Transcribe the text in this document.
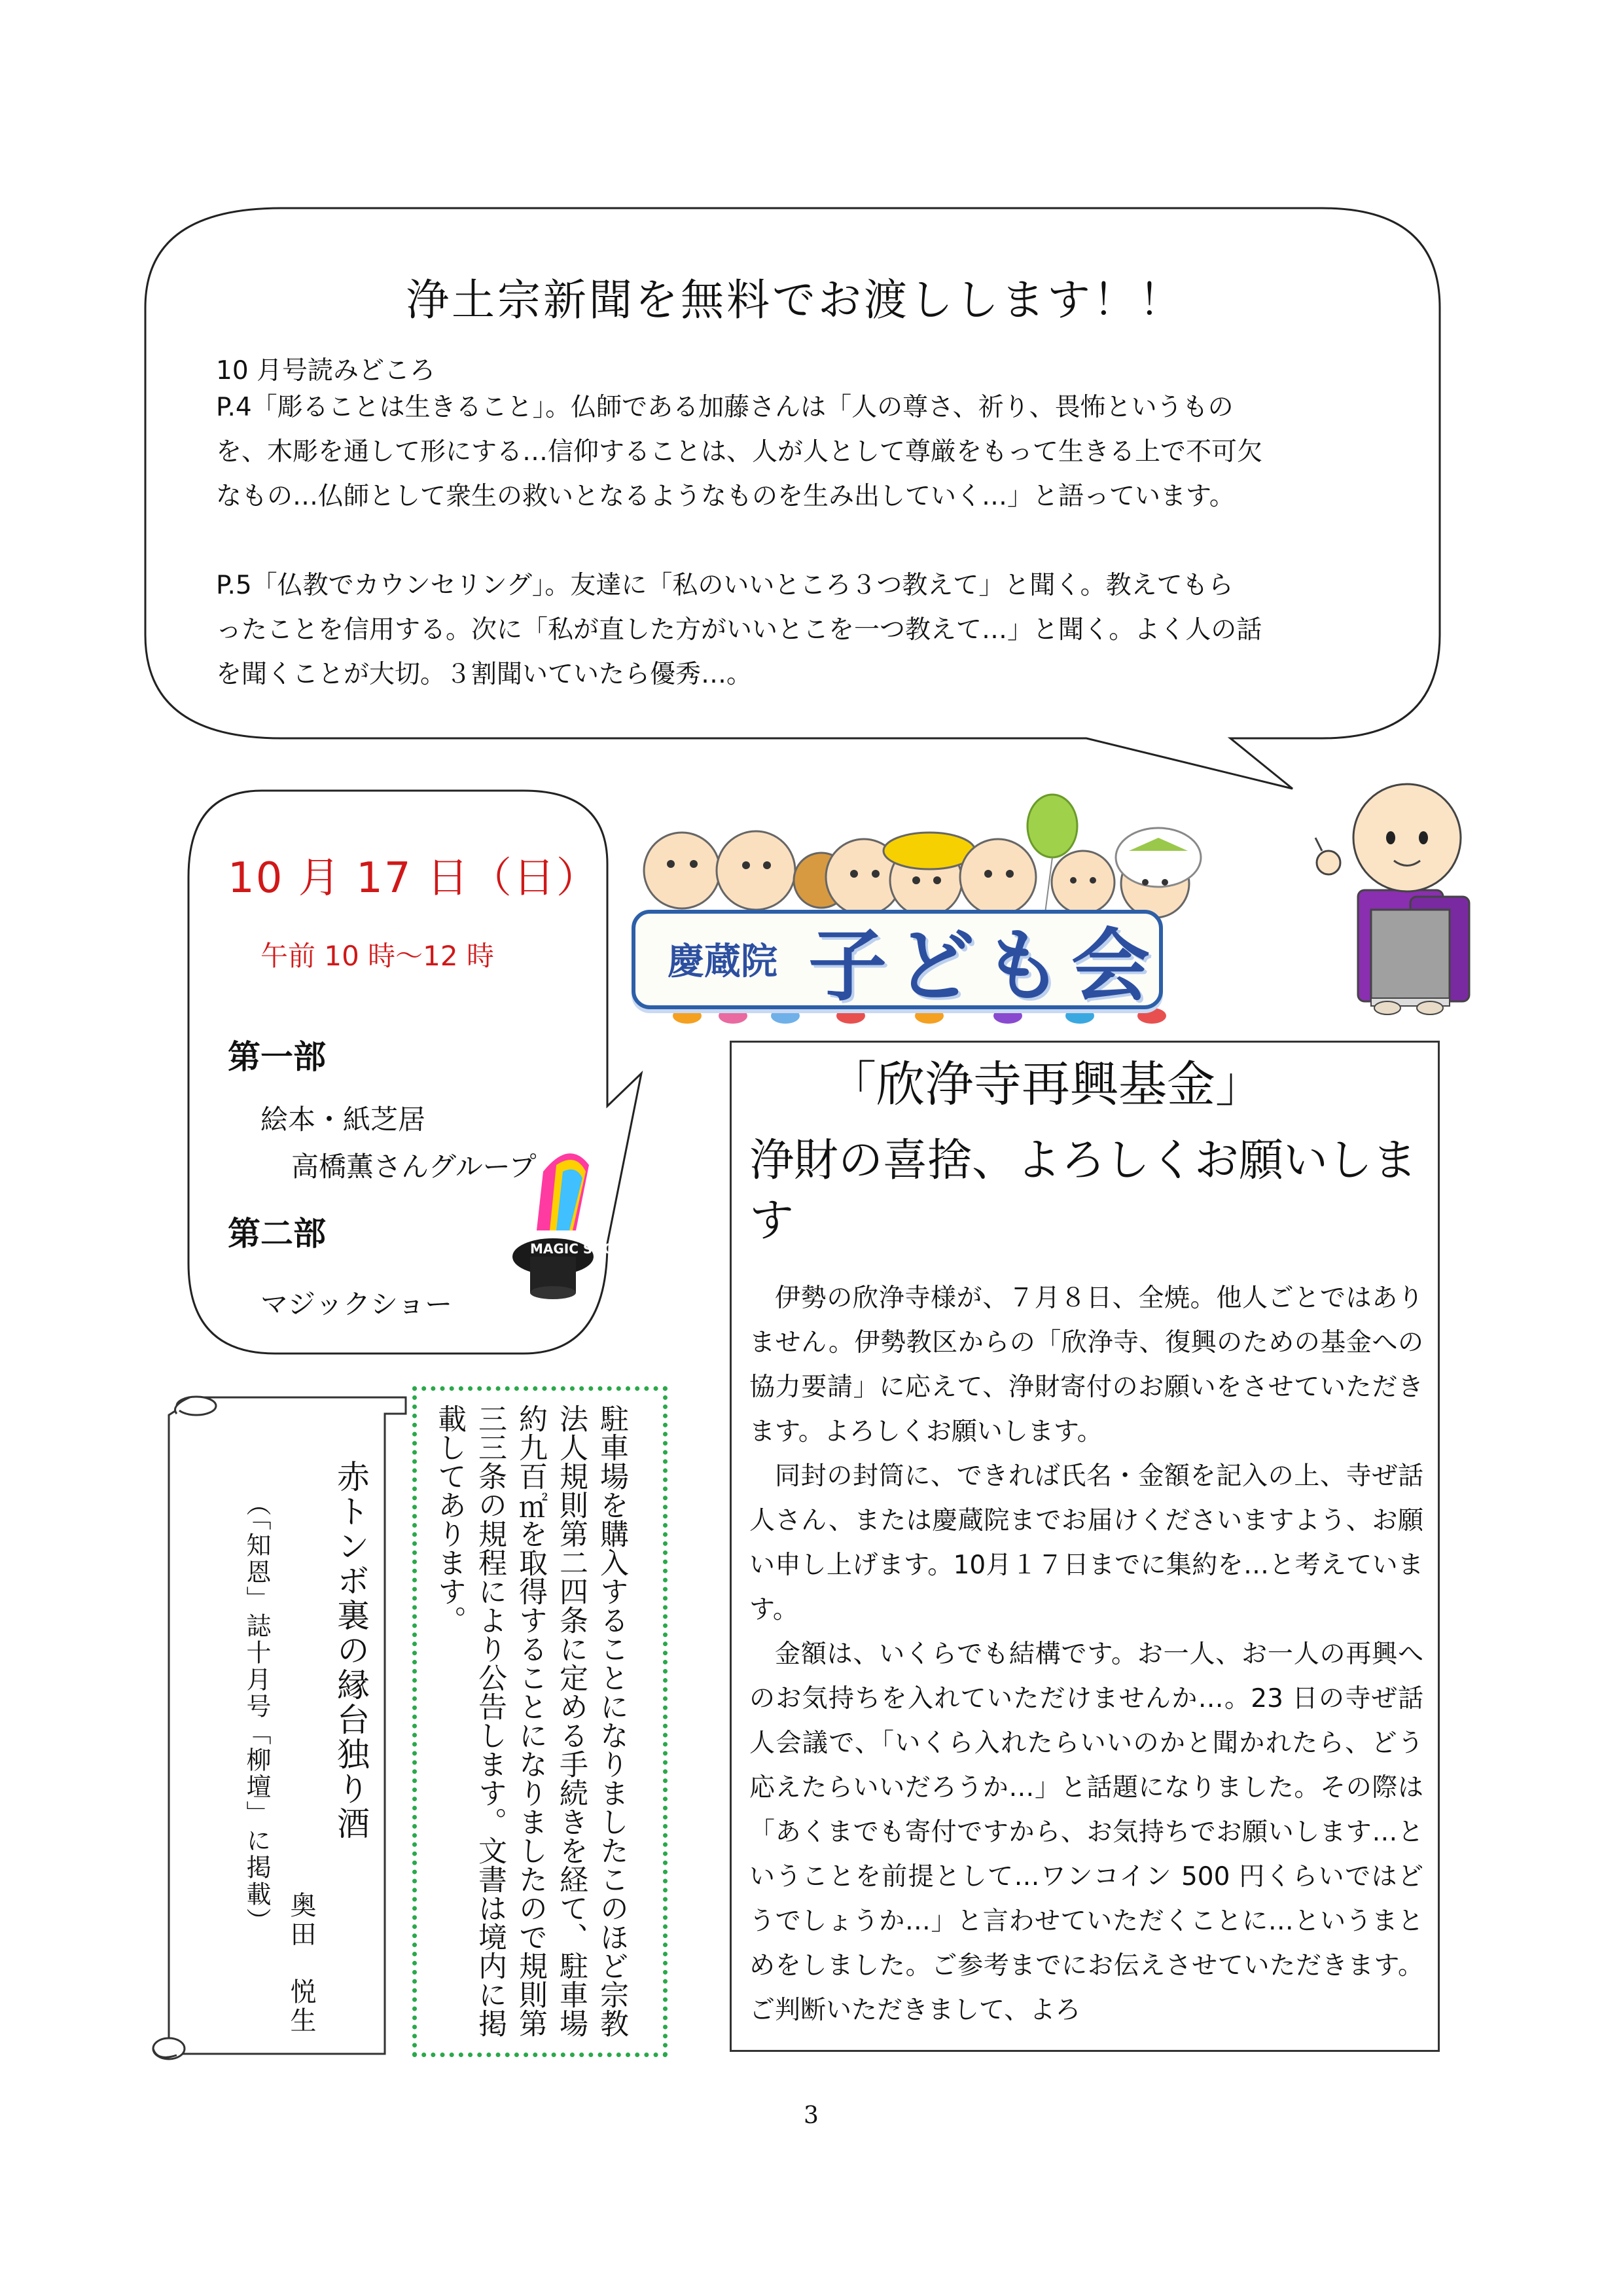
MAGIC SHOW
浄土宗新聞を無料でお渡しします！！

10 月号読みどころ

P.4「彫ることは生きること」。仏師である加藤さんは「人の尊さ、祈り、畏怖というもの

を、木彫を通して形にする…信仰することは、人が人として尊厳をもって生きる上で不可欠

なもの…仏師として衆生の救いとなるようなものを生み出していく…」と語っています。

P.5「仏教でカウンセリング」。友達に「私のいいところ３つ教えて」と聞く。教えてもら

ったことを信用する。次に「私が直した方がいいとこを一つ教えて…」と聞く。よく人の話

を聞くことが大切。３割聞いていたら優秀…。

10 月 17 日（日）
午前 10 時～12 時
第一部
絵本・紙芝居
高橋薫さんグループ
第二部
マジックショー
慶蔵院 子ども会
「欣浄寺再興基金」
浄財の喜捨、よろしくお願いします

伊勢の欣浄寺様が、７月８日、全焼。他人ごとではありません。伊勢教区からの「欣浄寺、復興のための基金への協力要請」に応えて、浄財寄付のお願いをさせていただきます。よろしくお願いします。

同封の封筒に、できれば氏名・金額を記入の上、寺ぜ話人さん、または慶蔵院までお届けくださいますよう、お願い申し上げます。10月１７日までに集約を…と考えています。

金額は、いくらでも結構です。お一人、お一人の再興へのお気持ちを入れていただけませんか…。23 日の寺ぜ話人会議で、「いくら入れたらいいのかと聞かれたら、どう応えたらいいだろうか…」と話題になりました。その際は「あくまでも寄付ですから、お気持ちでお願いします…ということを前提として…ワンコイン 500 円くらいではどうでしょうか…」と言わせていただくことに…というまとめをしました。ご参考までにお伝えさせていただきます。ご判断いただきまして、よろ

駐車場を購入することになりましたこのほど宗教法人規則第二四条に定める手続きを経て、駐車場約九百㎡を取得することになりましたので規則第三三条の規程により公告します。文書は境内に掲載してあります。
赤トンボ裏の縁台独り酒
奥田　悦生
（「知恩」誌十月号「柳壇」に掲載）
3
